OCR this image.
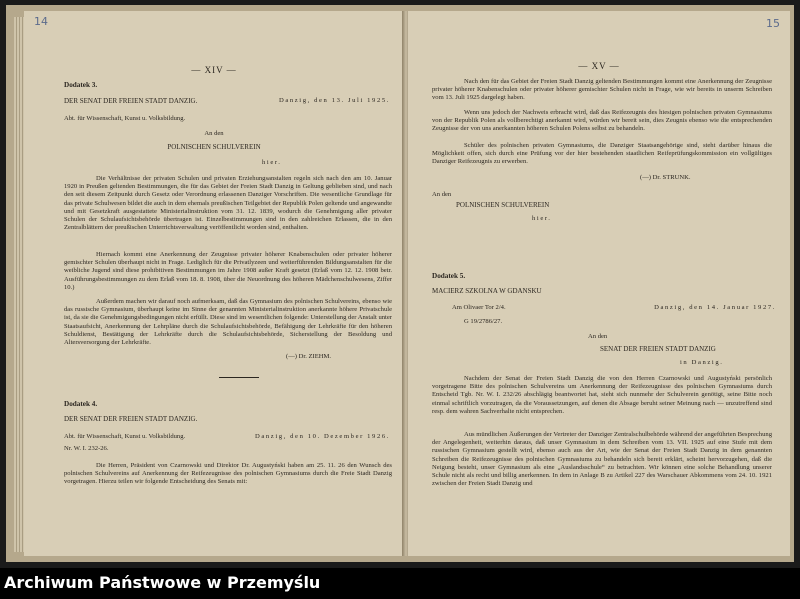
14
— XIV —
Dodatek 3.
DER SENAT DER FREIEN STADT DANZIG.	Danzig, den 13. Juli 1925.
Abt. für Wissenschaft, Kunst u. Volksbildung.
An den
POLNISCHEN SCHULVEREIN
hier.

Die Verhältnisse der privaten Schulen und privaten Erziehungsanstalten regeln sich nach den am 10. Januar 1920 in Preußen geltenden Bestimmungen, die für das Gebiet der Freien Stadt Danzig in Geltung geblieben sind, und nach den seit diesem Zeitpunkt durch Gesetz oder Verordnung erlassenen Danziger Vorschriften. Die wesentliche Grundlage für das private Schulwesen bildet die auch in dem ehemals preußischen Teilgebiet der Republik Polen geltende und angewandte und mit Gesetzkraft ausgestattete Ministerialinstruktion vom 31. 12. 1839, wodurch die Genehmigung aller privater Schulen der Schulaufsichtsbehörde übertragen ist. Einzelbestimmungen sind in den zahlreichen Erlassen, die in den Zentralblättern der preußischen Unterrichtsverwaltung veröffentlicht worden sind, enthalten.

Hiernach kommt eine Anerkennung der Zeugnisse privater höherer Knabenschulen oder privater höherer gemischter Schulen überhaupt nicht in Frage. Lediglich für die Privatlyzeen und weiterführenden Bildungsanstalten für die weibliche Jugend sind diese prohibitiven Bestimmungen im Jahre 1908 außer Kraft gesetzt (Erlaß vom 12. 12. 1908 betr. Ausführungsbestimmungen zu dem Erlaß vom 18. 8. 1908, über die Neuordnung des höheren Mädchenschulwesens, Ziffer 10.)

Außerdem machen wir darauf noch aufmerksam, daß das Gymnasium des polnischen Schulvereins, ebenso wie das russische Gymnasium, überhaupt keine im Sinne der genannten Ministerialinstruktion anerkannte höhere Privatschule ist, da sie die Genehmigungsbedingungen nicht erfüllt. Diese sind im wesentlichen folgende: Unterstellung der Anstalt unter Staatsaufsicht, Anerkennung der Lehrpläne durch die Schulaufsichtsbehörde, Befähigung der Lehrkräfte für den höheren Schuldienst, Bestätigung der Lehrkräfte durch die Schulaufsichtsbehörde, Sicherstellung der Besoldung und Altersversorgung der Lehrkräfte.

(—) Dr. ZIEHM.
Dodatek 4.
DER SENAT DER FREIEN STADT DANZIG.
Abt. für Wissenschaft, Kunst u. Volksbildung.	Danzig, den 10. Dezember 1926.
Nr. W. I. 232-26.

Die Herren, Präsident von Czarnowski und Direktor Dr. Augustyński haben am 25. 11. 26 den Wunsch des polnischen Schulvereins auf Anerkennung der Reifezeugnisse des polnischen Gymnasiums durch die Freie Stadt Danzig vorgetragen. Hierzu teilen wir folgende Entscheidung des Senats mit:

15
— XV —

Nach den für das Gebiet der Freien Stadt Danzig geltenden Bestimmungen kommt eine Anerkennung der Zeugnisse privater höherer Knabenschulen oder privater höherer gemischter Schulen nicht in Frage, wie wir bereits in unserm Schreiben vom 13. Juli 1925 dargelegt haben.

Wenn uns jedoch der Nachweis erbracht wird, daß das Reifezeugnis des hiesigen polnischen privaten Gymnasiums von der Republik Polen als vollberechtigt anerkannt wird, würden wir bereit sein, dies Zeugnis ebenso wie die entsprechenden Zeugnisse der von uns anerkannten höheren Schulen Polens selbst zu behandeln.

Schüler des polnischen privaten Gymnasiums, die Danziger Staatsangehörige sind, steht darüber hinaus die Möglichkeit offen, sich durch eine Prüfung vor der hier bestehenden staatlichen Reifeprüfungskommission ein vollgültiges Danziger Reifezeugnis zu erwerben.

(—) Dr. STRUNK.
An den
POLNISCHEN SCHULVEREIN
hier.
Dodatek 5.
MACIERZ SZKOLNA W GDANSKU
Am Olivaer Tor 2/4.	Danzig, den 14. Januar 1927.
G 19/2786/27.
An den
SENAT DER FREIEN STADT DANZIG
in Danzig.

Nachdem der Senat der Freien Stadt Danzig die von den Herren Czarnowski und Augustyński persönlich vorgetragene Bitte des polnischen Schulvereins um Anerkennung der Reifezeugnisse des polnischen Gymnasiums durch Entscheid Tgb. Nr. W. I. 232/26 abschlägig beantwortet hat, sieht sich nunmehr der Schulverein genötigt, seine Bitte noch einmal schriftlich vorzutragen, da die Voraussetzungen, auf denen die Absage beruht seiner Meinung nach — unzutreffend sind resp. dem wahren Sachverhalte nicht entsprechen.

Aus mündlichen Äußerungen der Vertreter der Danziger Zentralschulbehörde während der angeführten Besprechung der Angelegenheit, weiterhin daraus, daß unser Gymnasium in dem Schreiben vom 13. VII. 1925 auf eine Stufe mit dem russischen Gymnasium gestellt wird, ebenso auch aus der Art, wie der Senat der Freien Stadt Danzig in dem genannten Schreiben die Reifezeugnisse des polnischen Gymnasiums zu behandeln sich bereit erklärt, scheint hervorzugehen, daß die Neigung besteht, unser Gymnasium als eine „Auslandsschule“ zu betrachten. Wir können eine solche Behandlung unserer Schule nicht als recht und billig anerkennen. In dem in Anlage B zu Artikel 227 des Warschauer Abkommens vom 24. 10. 1921 zwischen der Freien Stadt Danzig und

Archiwum Państwowe w Przemyślu
